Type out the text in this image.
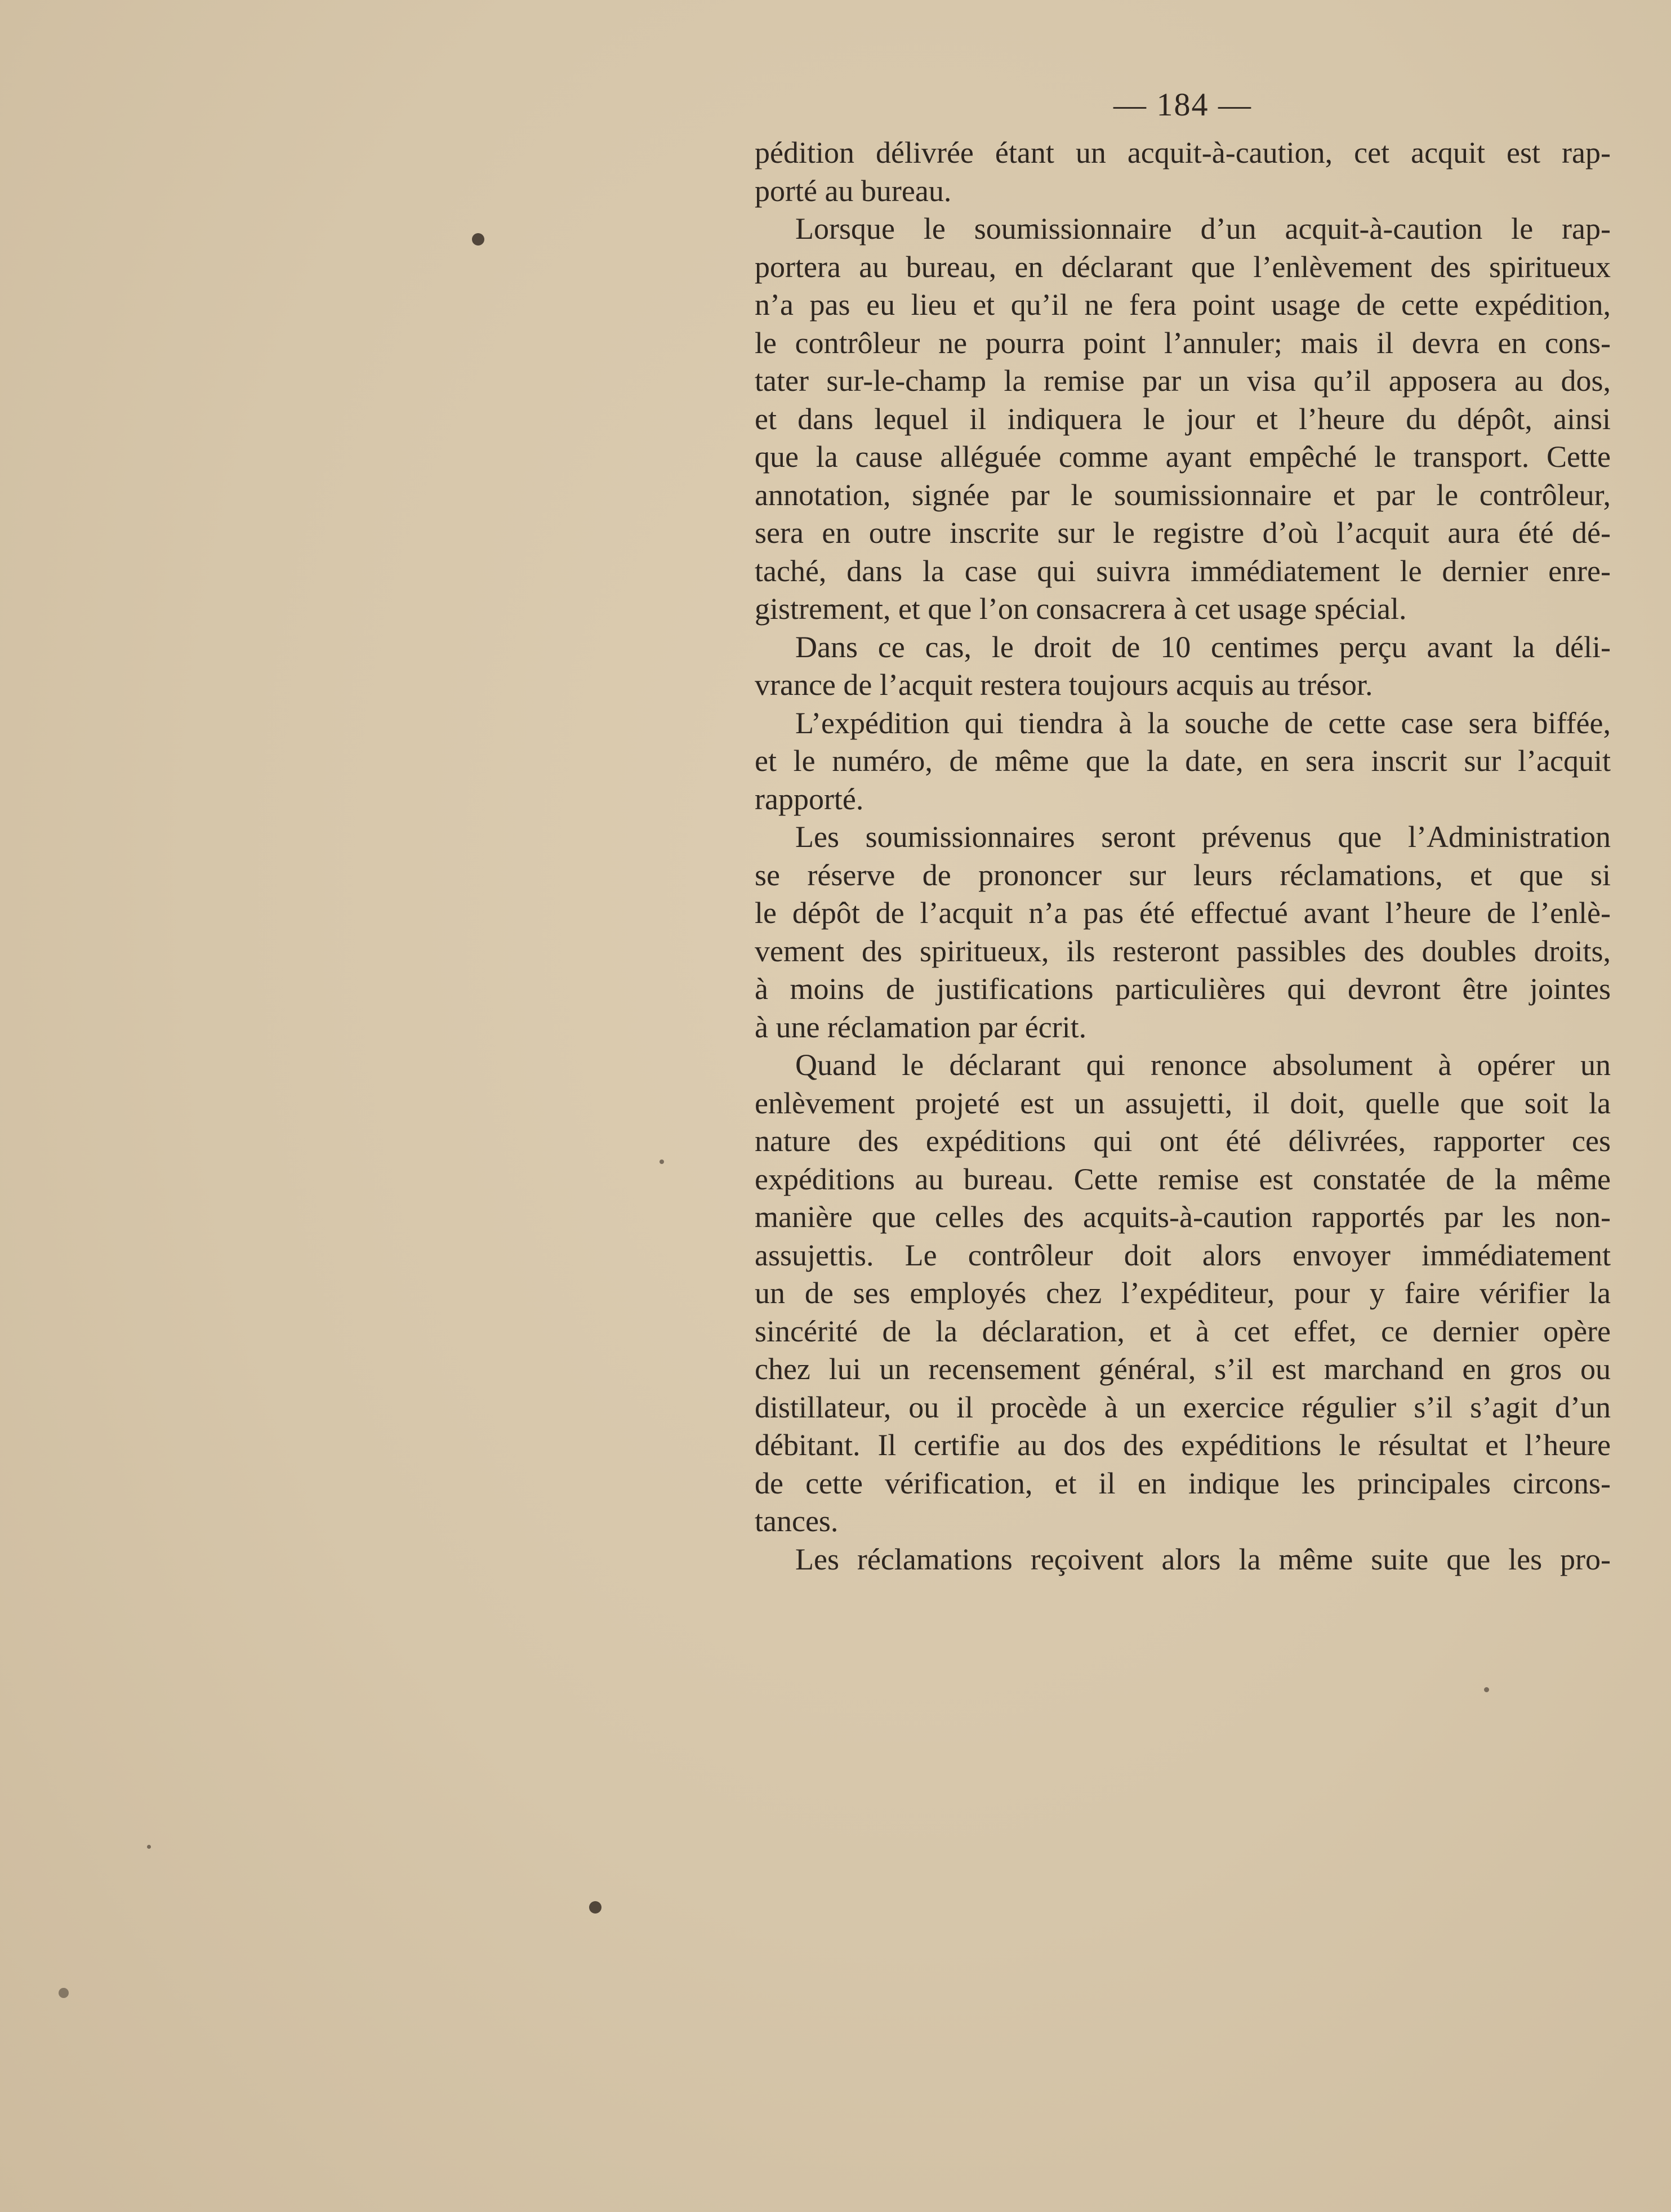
— 184 —
pédition délivrée étant un acquit-à-caution, cet acquit est rap-
porté au bureau.
Lorsque le soumissionnaire d’un acquit-à-caution le rap-
portera au bureau, en déclarant que l’enlèvement des spiritueux
n’a pas eu lieu et qu’il ne fera point usage de cette expédition,
le contrôleur ne pourra point l’annuler; mais il devra en cons-
tater sur-le-champ la remise par un visa qu’il apposera au dos,
et dans lequel il indiquera le jour et l’heure du dépôt, ainsi
que la cause alléguée comme ayant empêché le transport. Cette
annotation, signée par le soumissionnaire et par le contrôleur,
sera en outre inscrite sur le registre d’où l’acquit aura été dé-
taché, dans la case qui suivra immédiatement le dernier enre-
gistrement, et que l’on consacrera à cet usage spécial.
Dans ce cas, le droit de 10 centimes perçu avant la déli-
vrance de l’acquit restera toujours acquis au trésor.
L’expédition qui tiendra à la souche de cette case sera biffée,
et le numéro, de même que la date, en sera inscrit sur l’acquit
rapporté.
Les soumissionnaires seront prévenus que l’Administration
se réserve de prononcer sur leurs réclamations, et que si
le dépôt de l’acquit n’a pas été effectué avant l’heure de l’enlè-
vement des spiritueux, ils resteront passibles des doubles droits,
à moins de justifications particulières qui devront être jointes
à une réclamation par écrit.
Quand le déclarant qui renonce absolument à opérer un
enlèvement projeté est un assujetti, il doit, quelle que soit la
nature des expéditions qui ont été délivrées, rapporter ces
expéditions au bureau. Cette remise est constatée de la même
manière que celles des acquits-à-caution rapportés par les non-
assujettis. Le contrôleur doit alors envoyer immédiatement
un de ses employés chez l’expéditeur, pour y faire vérifier la
sincérité de la déclaration, et à cet effet, ce dernier opère
chez lui un recensement général, s’il est marchand en gros ou
distillateur, ou il procède à un exercice régulier s’il s’agit d’un
débitant. Il certifie au dos des expéditions le résultat et l’heure
de cette vérification, et il en indique les principales circons-
tances.
Les réclamations reçoivent alors la même suite que les pro-
